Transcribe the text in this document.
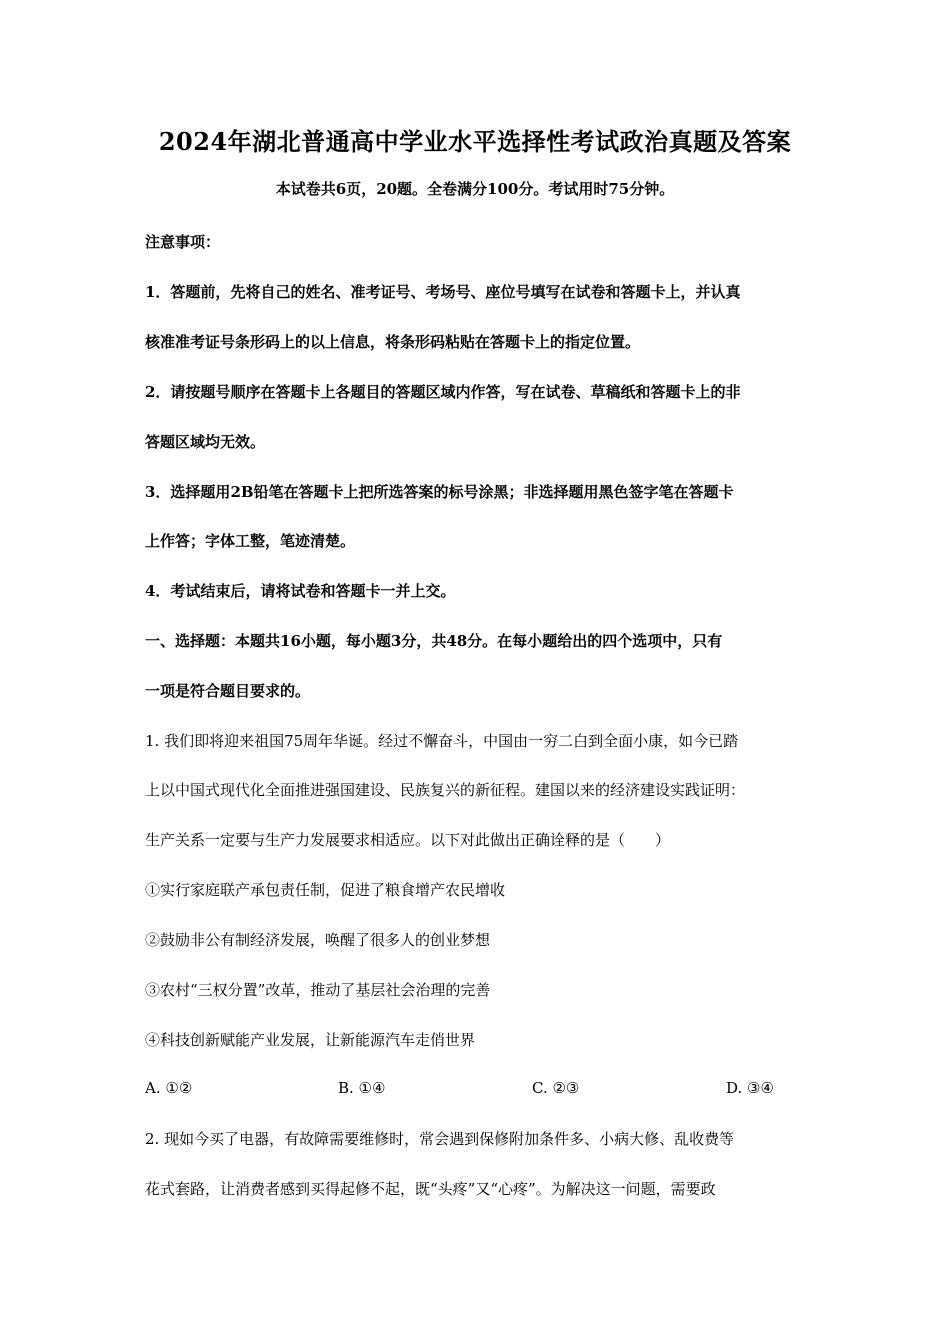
2024年湖北普通高中学业水平选择性考试政治真题及答案
本试卷共6页，20题。全卷满分100分。考试用时75分钟。
注意事项：
1．答题前，先将自己的姓名、准考证号、考场号、座位号填写在试卷和答题卡上，并认真
核准准考证号条形码上的以上信息，将条形码粘贴在答题卡上的指定位置。
2．请按题号顺序在答题卡上各题目的答题区域内作答，写在试卷、草稿纸和答题卡上的非
答题区域均无效。
3．选择题用2B铅笔在答题卡上把所选答案的标号涂黑；非选择题用黑色签字笔在答题卡
上作答；字体工整，笔迹清楚。
4．考试结束后，请将试卷和答题卡一并上交。
一、选择题：本题共16小题，每小题3分，共48分。在每小题给出的四个选项中，只有
一项是符合题目要求的。
1. 我们即将迎来祖国75周年华诞。经过不懈奋斗，中国由一穷二白到全面小康，如今已踏
上以中国式现代化全面推进强国建设、民族复兴的新征程。建国以来的经济建设实践证明：
生产关系一定要与生产力发展要求相适应。以下对此做出正确诠释的是（　　）
①实行家庭联产承包责任制，促进了粮食增产农民增收
②鼓励非公有制经济发展，唤醒了很多人的创业梦想
③农村“三权分置”改革，推动了基层社会治理的完善
④科技创新赋能产业发展，让新能源汽车走俏世界
A. ①②	B. ①④	C. ②③	D. ③④
2. 现如今买了电器，有故障需要维修时，常会遇到保修附加条件多、小病大修、乱收费等
花式套路，让消费者感到买得起修不起，既“头疼”又“心疼”。为解决这一问题，需要政
